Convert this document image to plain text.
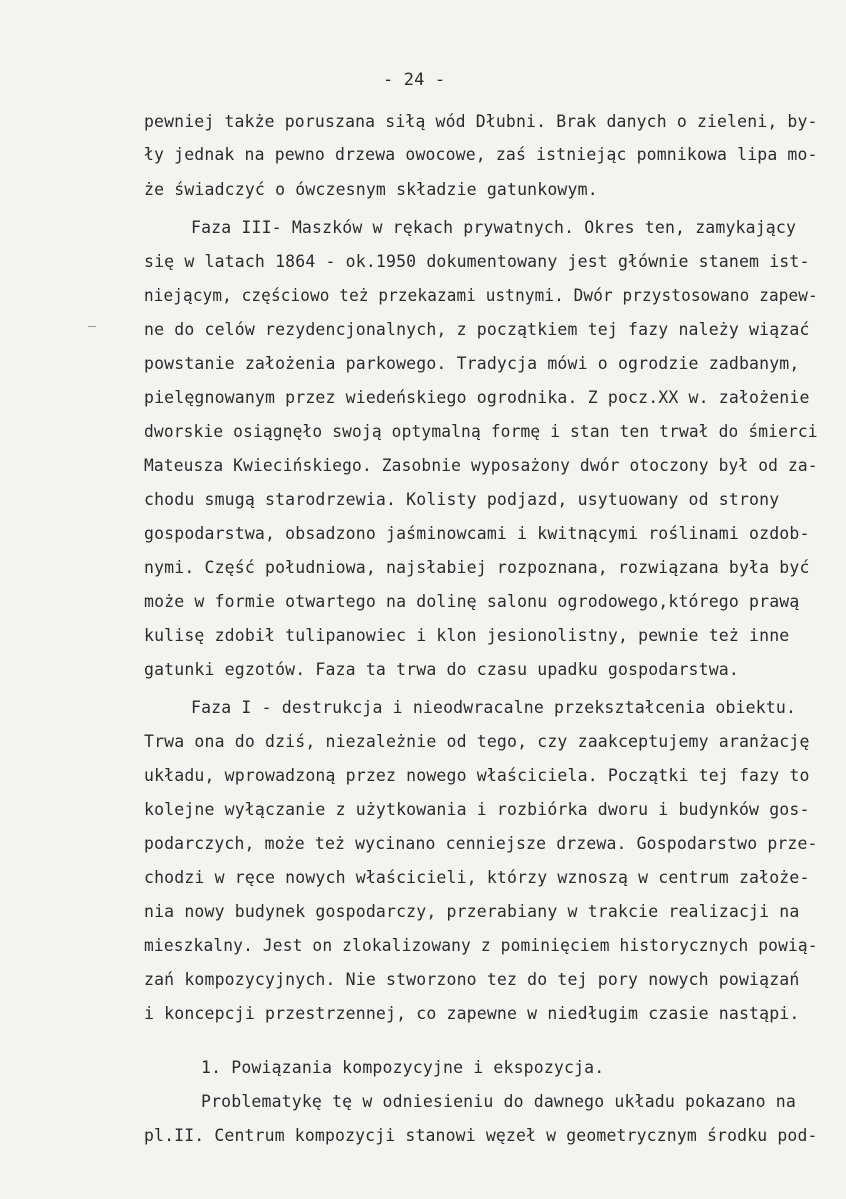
- 24 -
pewniej także poruszana siłą wód Dłubni. Brak danych o zieleni, by-
ły jednak na pewno drzewa owocowe, zaś istniejąc pomnikowa lipa mo-
że świadczyć o ówczesnym składzie gatunkowym.
Faza III- Maszków w rękach prywatnych. Okres ten, zamykający
się w latach 1864 - ok.1950 dokumentowany jest głównie stanem ist-
niejącym, częściowo też przekazami ustnymi. Dwór przystosowano zapew-
ne do celów rezydencjonalnych, z początkiem tej fazy należy wiązać
powstanie założenia parkowego. Tradycja mówi o ogrodzie zadbanym,
pielęgnowanym przez wiedeńskiego ogrodnika. Z pocz.XX w. założenie
dworskie osiągnęło swoją optymalną formę i stan ten trwał do śmierci
Mateusza Kwiecińskiego. Zasobnie wyposażony dwór otoczony był od za-
chodu smugą starodrzewia. Kolisty podjazd, usytuowany od strony
gospodarstwa, obsadzono jaśminowcami i kwitnącymi roślinami ozdob-
nymi. Część południowa, najsłabiej rozpoznana, rozwiązana była być
może w formie otwartego na dolinę salonu ogrodowego,którego prawą
kulisę zdobił tulipanowiec i klon jesionolistny, pewnie też inne
gatunki egzotów. Faza ta trwa do czasu upadku gospodarstwa.
Faza I - destrukcja i nieodwracalne przekształcenia obiektu.
Trwa ona do dziś, niezależnie od tego, czy zaakceptujemy aranżację
układu, wprowadzoną przez nowego właściciela. Początki tej fazy to
kolejne wyłączanie z użytkowania i rozbiórka dworu i budynków gos-
podarczych, może też wycinano cenniejsze drzewa. Gospodarstwo prze-
chodzi w ręce nowych właścicieli, którzy wznoszą w centrum założe-
nia nowy budynek gospodarczy, przerabiany w trakcie realizacji na
mieszkalny. Jest on zlokalizowany z pominięciem historycznych powią-
zań kompozycyjnych. Nie stworzono tez do tej pory nowych powiązań
i koncepcji przestrzennej, co zapewne w niedługim czasie nastąpi.
1. Powiązania kompozycyjne i ekspozycja.
Problematykę tę w odniesieniu do dawnego układu pokazano na
pl.II. Centrum kompozycji stanowi węzeł w geometrycznym środku pod-
